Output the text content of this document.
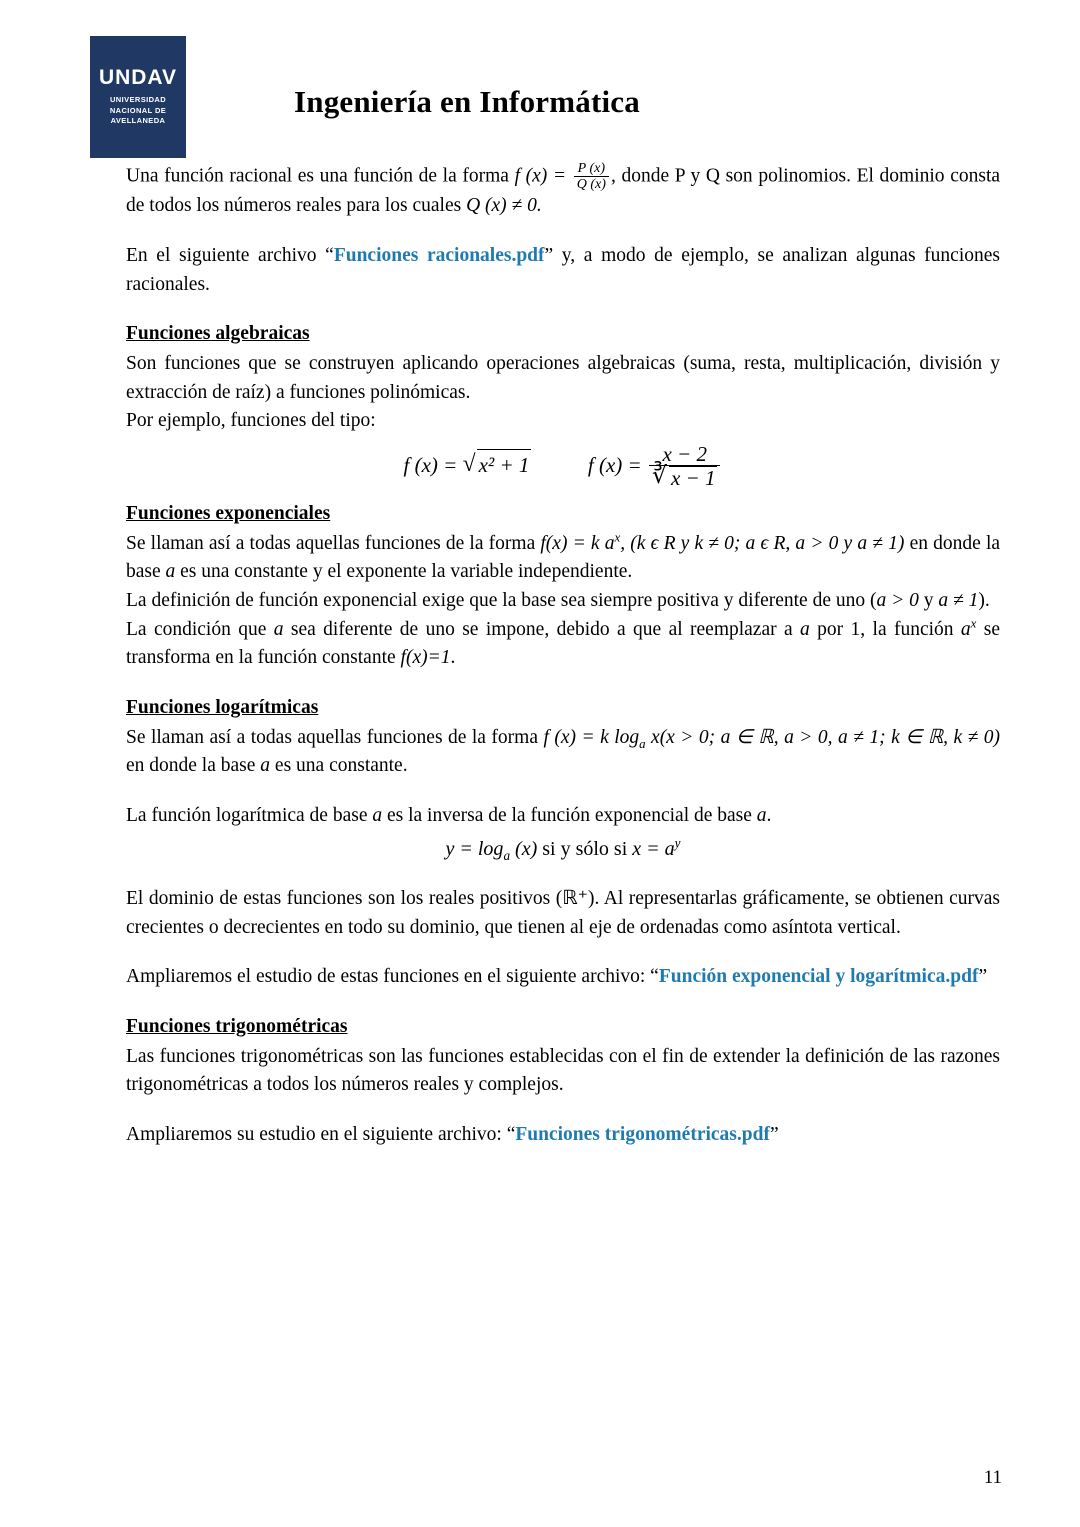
UNDAV
UNIVERSIDAD
NACIONAL DE
AVELLANEDA
Ingeniería en Informática

Una función racional es una función de la forma f $(x) = \frac{P (x)}{Q (x)}$ , donde P y Q son polinomios. El dominio consta de todos los números reales para los cuales Q (x) ≠ 0.

En el siguiente archivo “Funciones racionales.pdf” y, a modo de ejemplo, se analizan algunas funciones racionales.

Funciones algebraicas

Son funciones que se construyen aplicando operaciones algebraicas (suma, resta, multiplicación, división y extracción de raíz) a funciones polinómicas.

Por ejemplo, funciones del tipo:

f (x) = √ x² + 1	f (x) = x − 2
∛ x − 1
Funciones exponenciales

Se llaman así a todas aquellas funciones de la forma f(x) = k $a^x$, (k ϵ R y k ≠ 0; a ϵ R, a > 0 y a ≠ 1) en donde la base a es una constante y el exponente la variable independiente.

La definición de función exponencial exige que la base sea siempre positiva y diferente de uno (a > 0 y a ≠ 1).

La condición que a sea diferente de uno se impone, debido a que al reemplazar a a por 1, la función $a^x$ se transforma en la función constante f(x)=1.

Funciones logarítmicas

Se llaman así a todas aquellas funciones de la forma f (x) = k $\log_a x(x > 0$; a ∈ ℝ, a > 0, a ≠ 1; k ∈ ℝ, k ≠ 0) en donde la base a es una constante.

La función logarítmica de base a es la inversa de la función exponencial de base a.

$y = \log_a (x)$ si y sólo si $x = a^y$

El dominio de estas funciones son los reales positivos (ℝ⁺). Al representarlas gráficamente, se obtienen curvas crecientes o decrecientes en todo su dominio, que tienen al eje de ordenadas como asíntota vertical.

Ampliaremos el estudio de estas funciones en el siguiente archivo: “Función exponencial y logarítmica.pdf”

Funciones trigonométricas

Las funciones trigonométricas son las funciones establecidas con el fin de extender la definición de las razones trigonométricas a todos los números reales y complejos.

Ampliaremos su estudio en el siguiente archivo: “Funciones trigonométricas.pdf”

11
